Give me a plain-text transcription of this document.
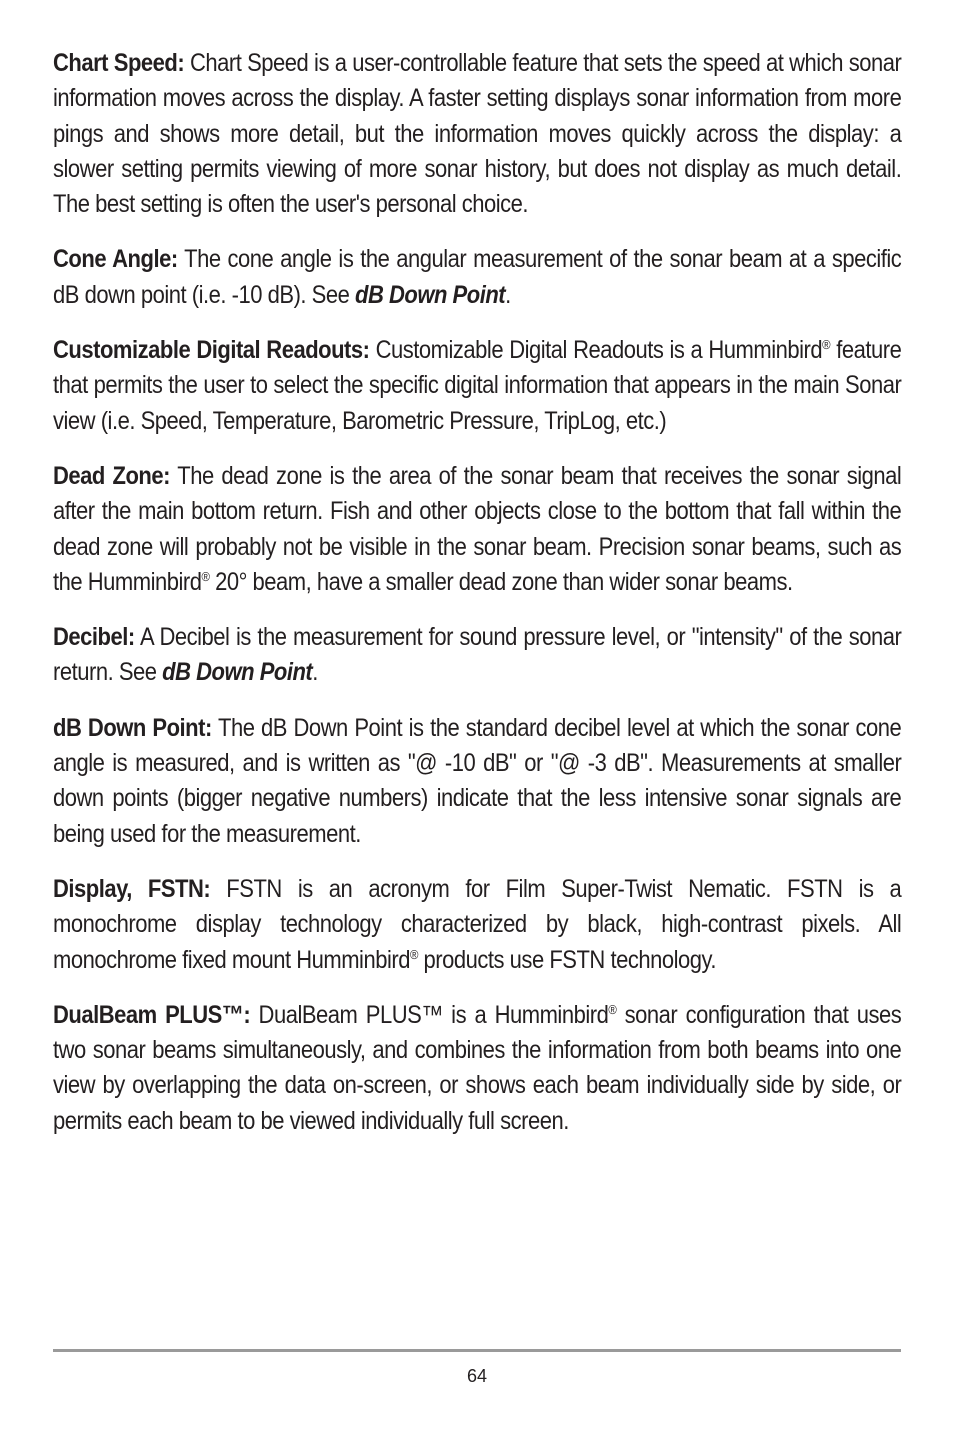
Chart Speed: Chart Speed is a user-controllable feature that sets the speed at which sonar information moves across the display. A faster setting displays sonar information from more pings and shows more detail, but the information moves quickly across the display: a slower setting permits viewing of more sonar history, but does not display as much detail. The best setting is often the user's personal choice.

Cone Angle: The cone angle is the angular measurement of the sonar beam at a specific dB down point (i.e. -10 dB). See dB Down Point.

Customizable Digital Readouts: Customizable Digital Readouts is a Humminbird® feature that permits the user to select the specific digital information that appears in the main Sonar view (i.e. Speed, Temperature, Barometric Pressure, TripLog, etc.)

Dead Zone: The dead zone is the area of the sonar beam that receives the sonar signal after the main bottom return. Fish and other objects close to the bottom that fall within the dead zone will probably not be visible in the sonar beam. Precision sonar beams, such as the Humminbird® 20° beam, have a smaller dead zone than wider sonar beams.

Decibel: A Decibel is the measurement for sound pressure level, or "intensity" of the sonar return. See dB Down Point.

dB Down Point: The dB Down Point is the standard decibel level at which the sonar cone angle is measured, and is written as "@ -10 dB" or "@ -3 dB". Measurements at smaller down points (bigger negative numbers) indicate that the less intensive sonar signals are being used for the measurement.

Display, FSTN: FSTN is an acronym for Film Super-Twist Nematic. FSTN is a monochrome display technology characterized by black, high-contrast pixels. All monochrome fixed mount Humminbird® products use FSTN technology.

DualBeam PLUS™: DualBeam PLUS™ is a Humminbird® sonar configuration that uses two sonar beams simultaneously, and combines the information from both beams into one view by overlapping the data on-screen, or shows each beam individually side by side, or permits each beam to be viewed individually full screen.

64
